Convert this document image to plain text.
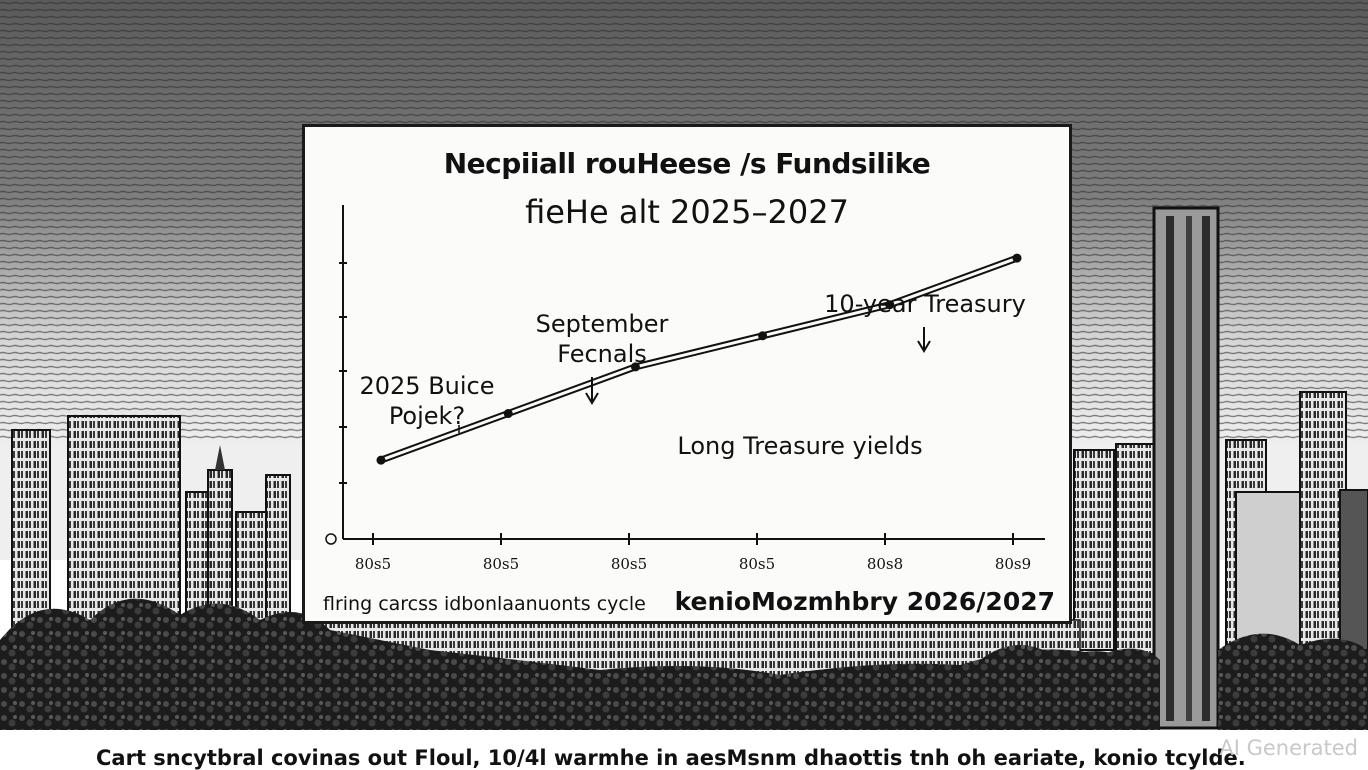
Necpiiall rouHeese /s Fundsilike
fieHe alt 2025–2027
80s5	80s5	80s5	80s5	80s8	80s9
2025 Buice
Pojek?
September
Fecnals
10-year Treasury
Long Treasure yields
flring carcss idbonlaanuonts cycle kenioMozmhbry 2026/2027
Cart sncytbral covinas out Floul, 10/4l warmhe in aesMsnm dhaottis tnh oh eariate, konio tcylde.
AI Generated
